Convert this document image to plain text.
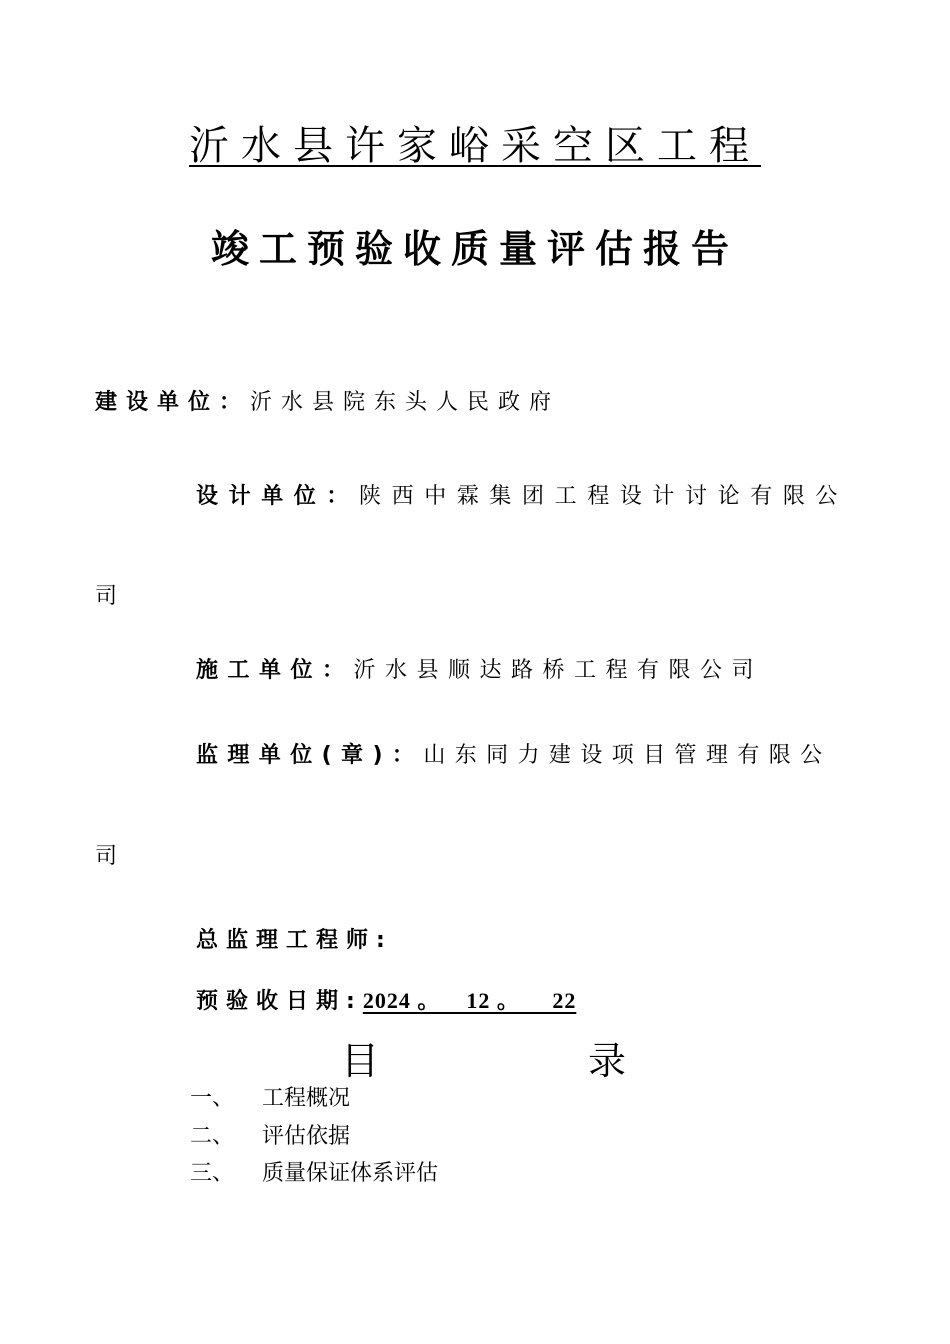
沂水县许家峪采空区工程
竣工预验收质量评估报告
建设单位：沂水县院东头人民政府
设计单位：陕西中霖集团工程设计讨论有限公
司
施工单位：沂水县顺达路桥工程有限公司
监理单位(章)：山东同力建设项目管理有限公
司
总监理工程师:
预验收日期:2024 。    12 。     22
目	录
一、 工程概况
二、 评估依据
三、 质量保证体系评估
